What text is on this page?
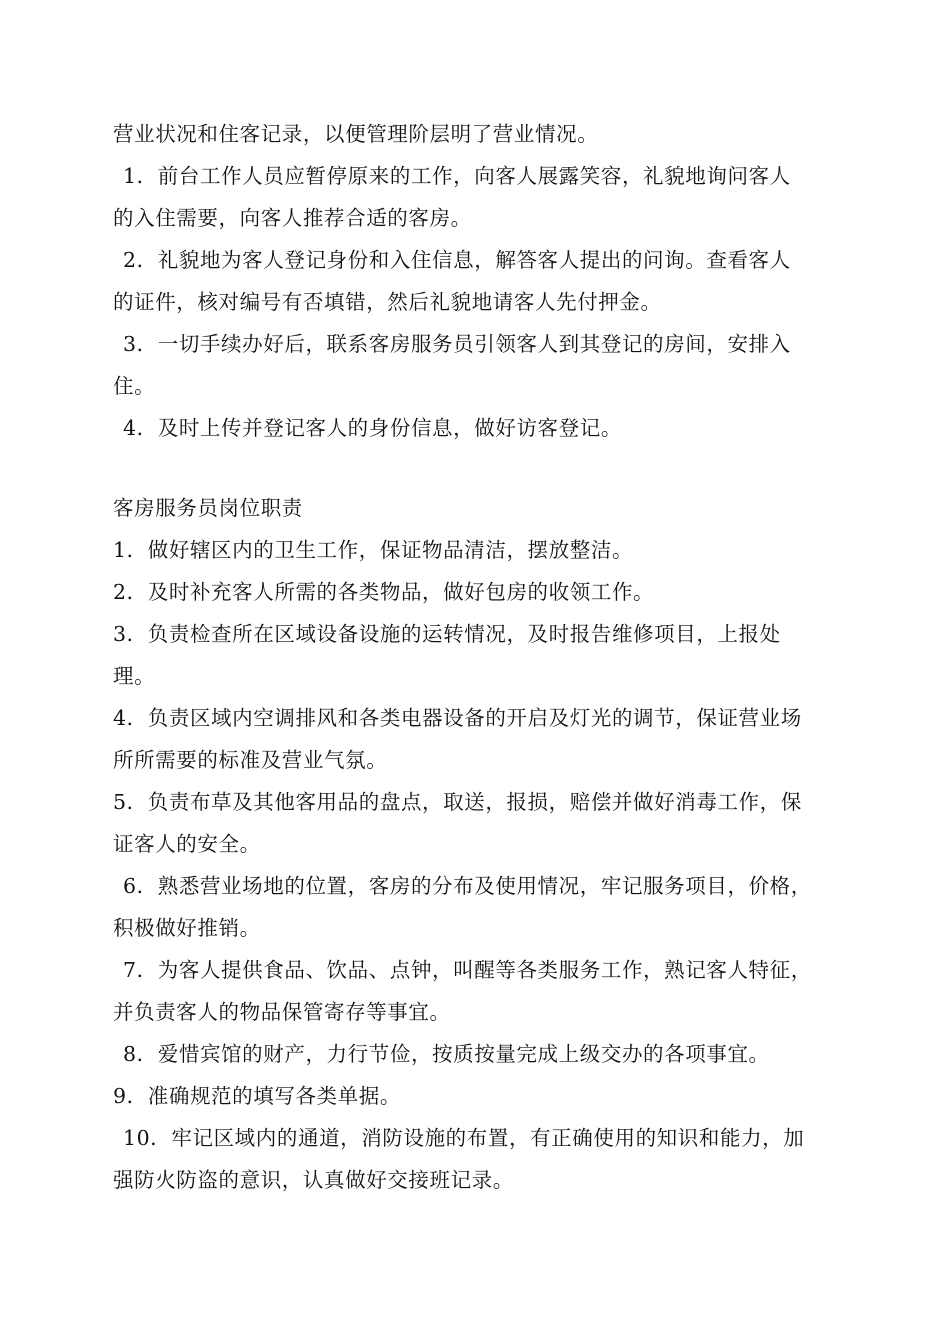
营业状况和住客记录，以便管理阶层明了营业情况。
1．前台工作人员应暂停原来的工作，向客人展露笑容，礼貌地询问客人
的入住需要，向客人推荐合适的客房。
2．礼貌地为客人登记身份和入住信息，解答客人提出的问询。查看客人
的证件，核对编号有否填错，然后礼貌地请客人先付押金。
3．一切手续办好后，联系客房服务员引领客人到其登记的房间，安排入
住。
4．及时上传并登记客人的身份信息，做好访客登记。
客房服务员岗位职责
1．做好辖区内的卫生工作，保证物品清洁，摆放整洁。
2．及时补充客人所需的各类物品，做好包房的收领工作。
3．负责检查所在区域设备设施的运转情况，及时报告维修项目，上报处
理。
4．负责区域内空调排风和各类电器设备的开启及灯光的调节，保证营业场
所所需要的标准及营业气氛。
5．负责布草及其他客用品的盘点，取送，报损，赔偿并做好消毒工作，保
证客人的安全。
6．熟悉营业场地的位置，客房的分布及使用情况，牢记服务项目，价格，
积极做好推销。
7．为客人提供食品、饮品、点钟，叫醒等各类服务工作，熟记客人特征，
并负责客人的物品保管寄存等事宜。
8．爱惜宾馆的财产，力行节俭，按质按量完成上级交办的各项事宜。
9．准确规范的填写各类单据。
10．牢记区域内的通道，消防设施的布置，有正确使用的知识和能力，加
强防火防盗的意识，认真做好交接班记录。
